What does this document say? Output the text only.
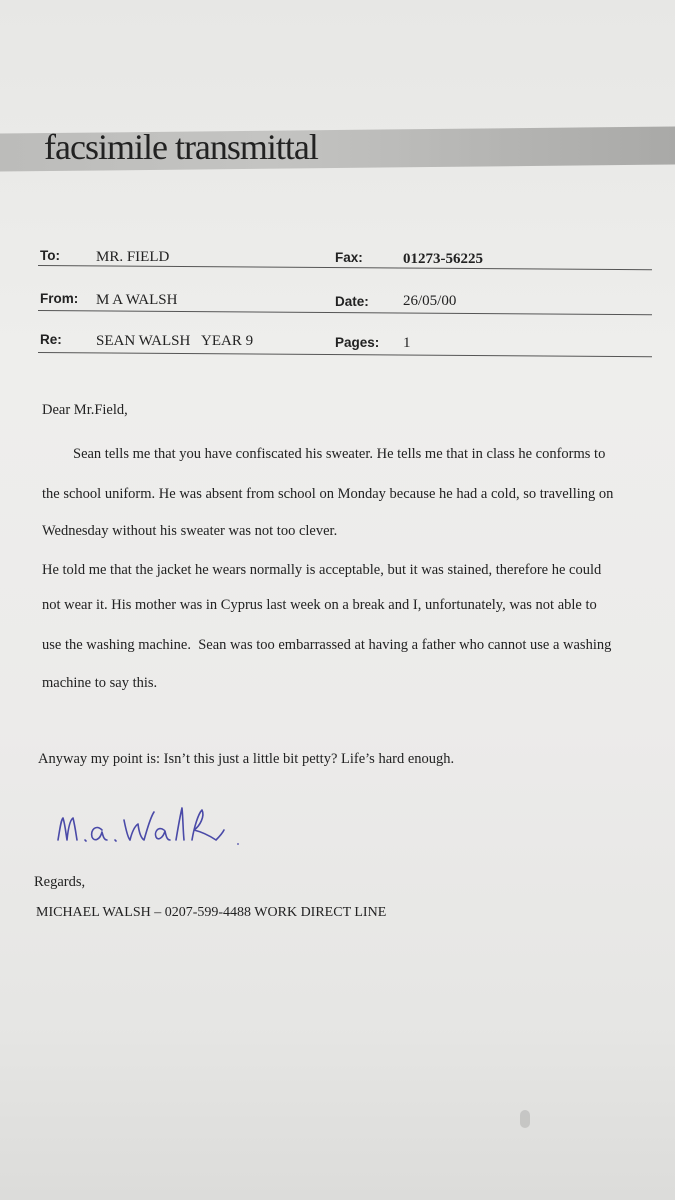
facsimile transmittal
To: MR. FIELD	Fax:	01273-56225
From: M A WALSH	Date: 26/05/00
Re: SEAN WALSH   YEAR 9	Pages: 1
Dear Mr.Field,
Sean tells me that you have confiscated his sweater. He tells me that in class he conforms to
the school uniform. He was absent from school on Monday because he had a cold, so travelling on
Wednesday without his sweater was not too clever.
He told me that the jacket he wears normally is acceptable, but it was stained, therefore he could
not wear it. His mother was in Cyprus last week on a break and I, unfortunately, was not able to
use the washing machine.  Sean was too embarrassed at having a father who cannot use a washing
machine to say this.
Anyway my point is: Isn’t this just a little bit petty? Life’s hard enough.
Regards,
MICHAEL WALSH – 0207-599-4488 WORK DIRECT LINE
